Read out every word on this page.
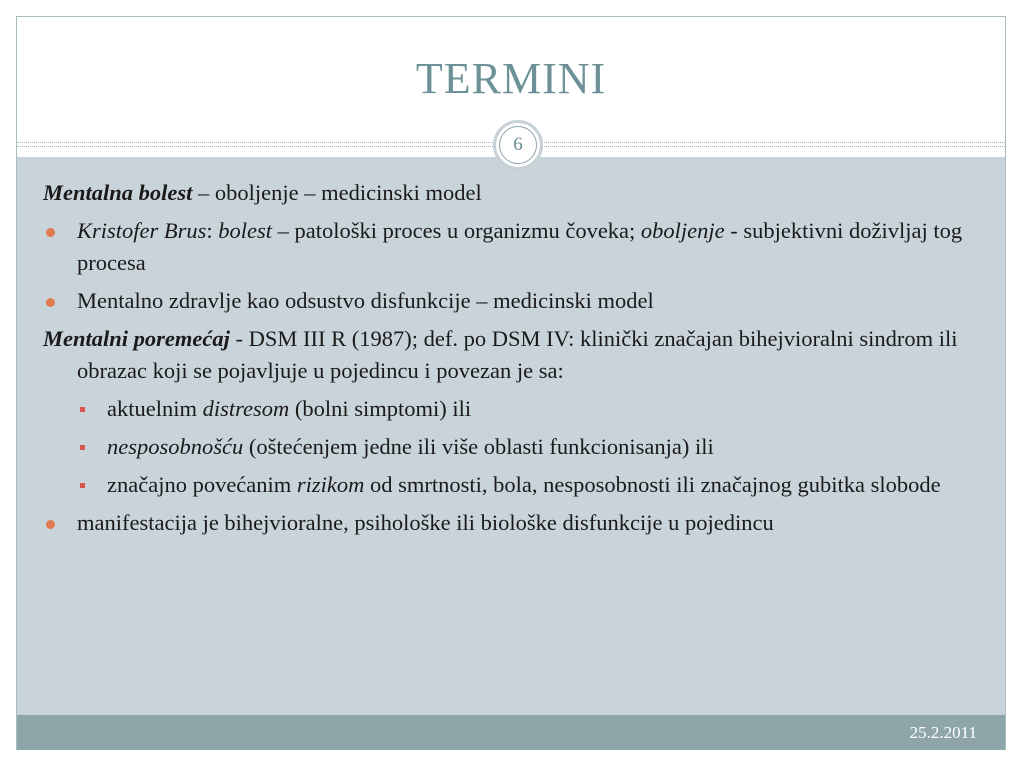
TERMINI
6

Mentalna bolest – oboljenje – medicinski model

Kristofer Brus: bolest – patološki proces u organizmu čoveka; oboljenje - subjektivni doživljaj tog procesa
Mentalno zdravlje kao odsustvo disfunkcije – medicinski model

Mentalni poremećaj - DSM III R (1987); def. po DSM IV: klinički značajan bihejvioralni sindrom ili obrazac koji se pojavljuje u pojedincu i povezan je sa:

aktuelnim distresom (bolni simptomi) ili
nesposobnošću (oštećenjem jedne ili više oblasti funkcionisanja) ili
značajno povećanim rizikom od smrtnosti, bola, nesposobnosti ili značajnog gubitka slobode
manifestacija je bihejvioralne, psihološke ili biološke disfunkcije u pojedincu
25.2.2011
